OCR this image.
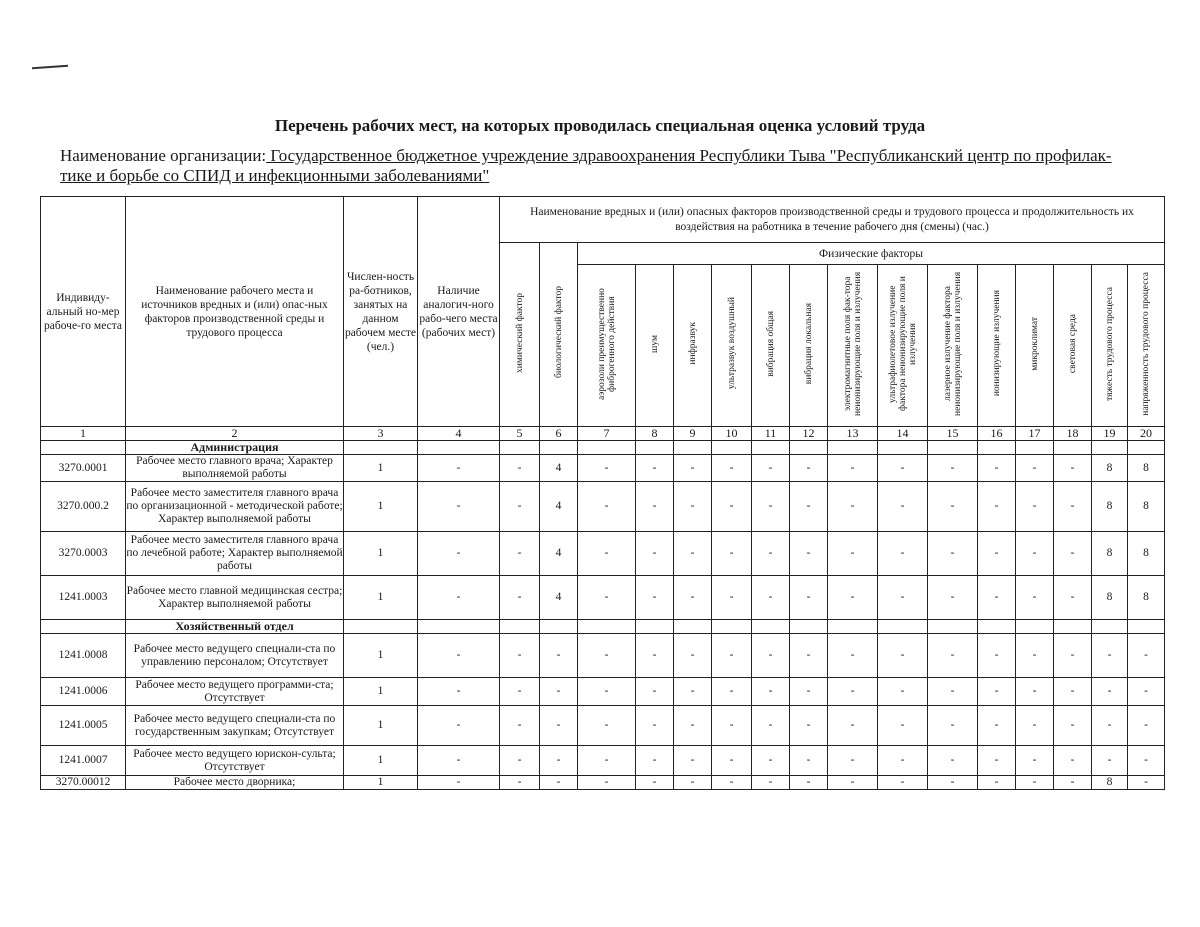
Перечень рабочих мест, на которых проводилась специальная оценка условий труда
Наименование организации: Государственное бюджетное учреждение здравоохранения Республики Тыва "Республиканский центр по профилак-
тике и борьбе со СПИД и инфекционными заболеваниями"
Индивиду-альный но-мер рабоче-го места	Наименование рабочего места и источников вредных и (или) опас-ных факторов производственной среды и трудового процесса	Числен-ность ра-ботников, занятых на данном рабочем месте (чел.)	Наличие аналогич-ного рабо-чего места (рабочих мест)	Наименование вредных и (или) опасных факторов производственной среды и трудового процесса и продолжительность их воздействия на работника в течение рабочего дня (смены) (час.)															
				химический фактор	биологический фактор	Физические факторы													
						аэрозоли преимущественно фиброгенного действия	шум	инфразвук	ультразвук воздушный	вибрация общая	вибрация локальная	электромагнитные поля фак-тора неионизирующие поля и излучения	ультрафиолетовое излучение фактора неионизирующие поля и излучения	лазерное излучение фактора неионизирующие поля и излучения	ионизирующие излучения	микроклимат	световая среда	тяжесть трудового процесса	напряженность трудового процесса
1	2	3	4	5	6	7	8	9	10	11	12	13	14	15	16	17	18	19	20
	Администрация																		
3270.0001	Рабочее место главного врача; Характер выполняемой работы	1	-	-	4	-	-	-	-	-	-	-	-	-	-	-	-	8	8
3270.000.2	Рабочее место заместителя главного врача по организационной - методической работе; Характер выполняемой работы	1	-	-	4	-	-	-	-	-	-	-	-	-	-	-	-	8	8
3270.0003	Рабочее место заместителя главного врача по лечебной работе; Характер выполняемой работы	1	-	-	4	-	-	-	-	-	-	-	-	-	-	-	-	8	8
1241.0003	Рабочее место главной медицинская сестра; Характер выполняемой работы	1	-	-	4	-	-	-	-	-	-	-	-	-	-	-	-	8	8
	Хозяйственный отдел																		
1241.0008	Рабочее место ведущего специали-ста по управлению персоналом; Отсутствует	1	-	-	-	-	-	-	-	-	-	-	-	-	-	-	-	-	-
1241.0006	Рабочее место ведущего программи-ста; Отсутствует	1	-	-	-	-	-	-	-	-	-	-	-	-	-	-	-	-	-
1241.0005	Рабочее место ведущего специали-ста по государственным закупкам; Отсутствует	1	-	-	-	-	-	-	-	-	-	-	-	-	-	-	-	-	-
1241.0007	Рабочее место ведущего юрискон-сульта; Отсутствует	1	-	-	-	-	-	-	-	-	-	-	-	-	-	-	-	-	-
3270.00012	Рабочее место дворника;	1	-	-	-	-	-	-	-	-	-	-	-	-	-	-	-	8	-
